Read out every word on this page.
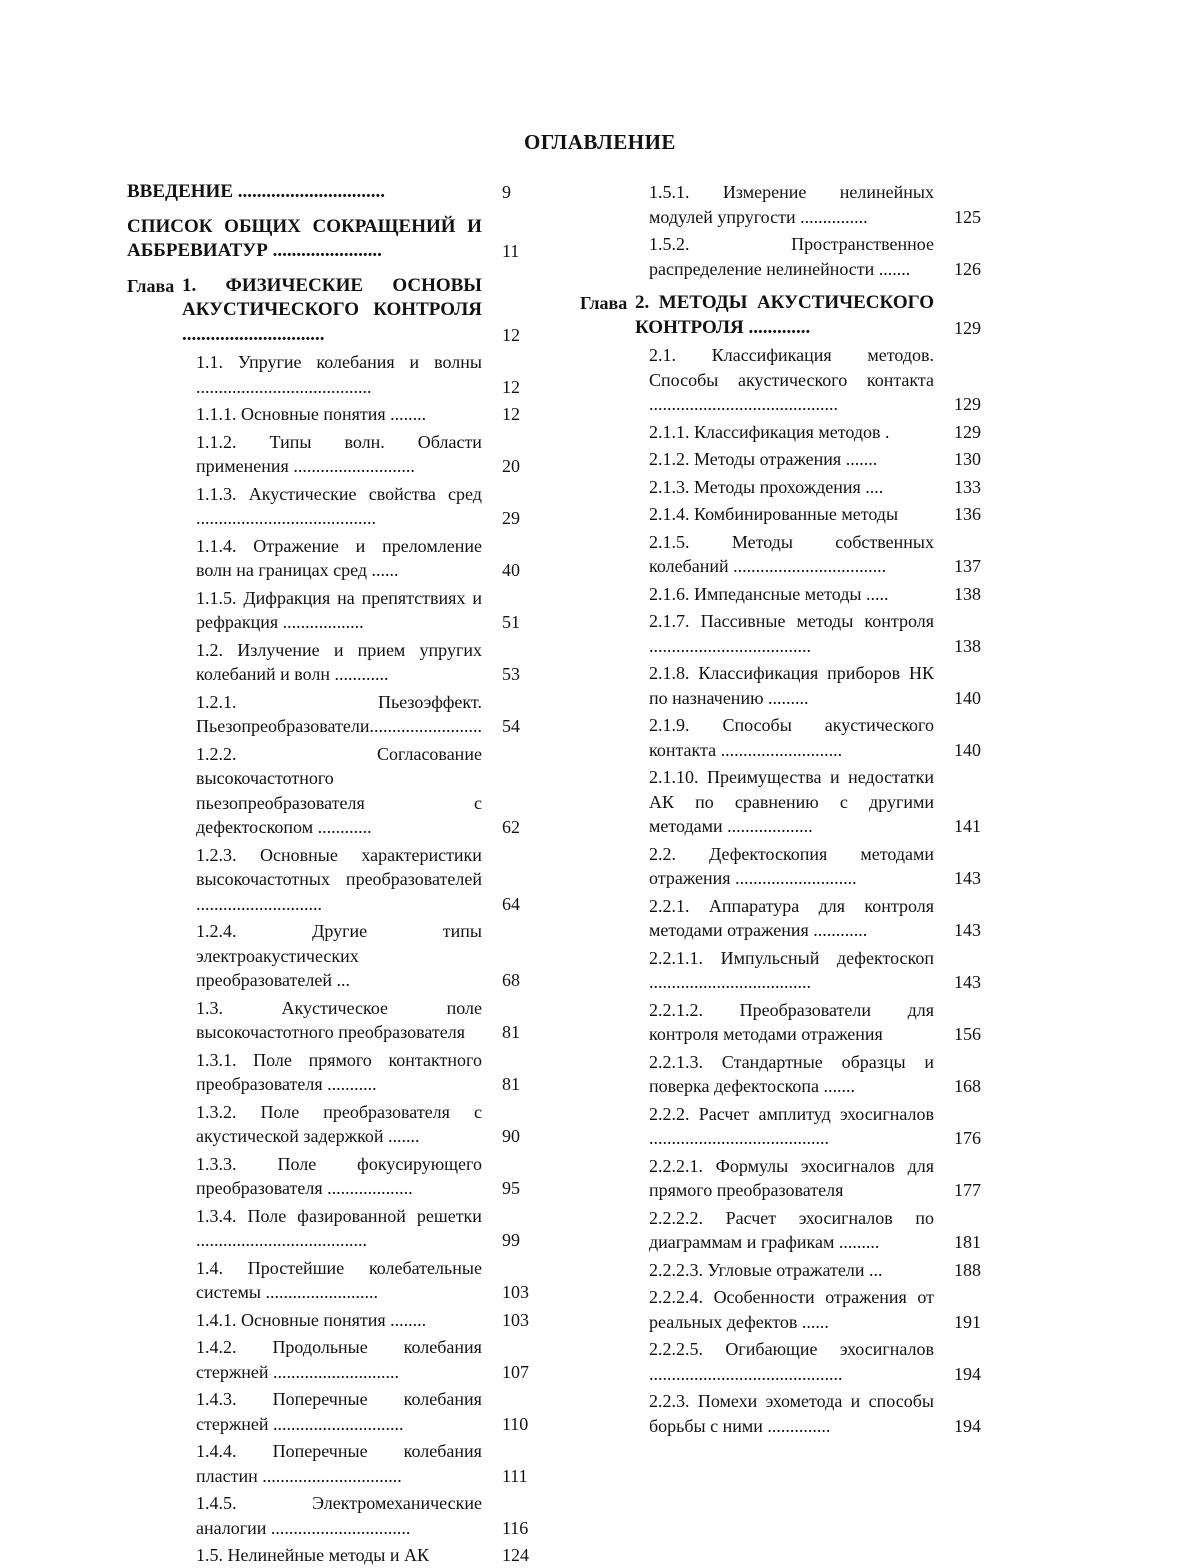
ОГЛАВЛЕНИЕ
ВВЕДЕНИЕ ...............................	9
СПИСОК ОБЩИХ СОКРАЩЕНИЙ И АББРЕВИАТУР .......................	11
Глава 1. ФИЗИЧЕСКИЕ ОСНОВЫ АКУСТИЧЕСКОГО КОНТРОЛЯ ..............................	12
1.1. Упругие колебания и волны .......................................	12
1.1.1. Основные понятия ........	12
1.1.2. Типы волн. Области применения ...........................	20
1.1.3. Акустические свойства сред ........................................	29
1.1.4. Отражение и преломление волн на границах сред ......	40
1.1.5. Дифракция на препятствиях и рефракция ..................	51
1.2. Излучение и прием упругих колебаний и волн ............	53
1.2.1. Пьезоэффект. Пьезопреобразователи.........................	54
1.2.2. Согласование высокочастотного пьезопреобразователя с дефектоскопом ............	62
1.2.3. Основные характеристики высокочастотных преобразователей ............................	64
1.2.4. Другие типы электроакустических преобразователей ...	68
1.3. Акустическое поле высокочастотного преобразователя	81
1.3.1. Поле прямого контактного преобразователя ...........	81
1.3.2. Поле преобразователя с акустической задержкой .......	90
1.3.3. Поле фокусирующего преобразователя ...................	95
1.3.4. Поле фазированной решетки ......................................	99
1.4. Простейшие колебательные системы .........................	103
1.4.1. Основные понятия ........	103
1.4.2. Продольные колебания стержней ............................	107
1.4.3. Поперечные колебания стержней .............................	110
1.4.4. Поперечные колебания пластин ...............................	111
1.4.5. Электромеханические аналогии ...............................	116
1.5. Нелинейные методы и АК	124
1.5.1. Измерение нелинейных модулей упругости ...............	125
1.5.2. Пространственное распределение нелинейности .......	126
Глава 2. МЕТОДЫ АКУСТИЧЕСКОГО КОНТРОЛЯ .............	129
2.1. Классификация методов. Способы акустического контакта ..........................................	129
2.1.1. Классификация методов .	129
2.1.2. Методы отражения .......	130
2.1.3. Методы прохождения ....	133
2.1.4. Комбинированные методы	136
2.1.5. Методы собственных колебаний ..................................	137
2.1.6. Импедансные методы .....	138
2.1.7. Пассивные методы контроля ....................................	138
2.1.8. Классификация приборов НК по назначению .........	140
2.1.9. Способы акустического контакта ...........................	140
2.1.10. Преимущества и недостатки АК по сравнению с другими методами ...................	141
2.2. Дефектоскопия методами отражения ...........................	143
2.2.1. Аппаратура для контроля методами отражения ............	143
2.2.1.1. Импульсный дефектоскоп ....................................	143
2.2.1.2. Преобразователи для контроля методами отражения	156
2.2.1.3. Стандартные образцы и поверка дефектоскопа .......	168
2.2.2. Расчет амплитуд эхосигналов ........................................	176
2.2.2.1. Формулы эхосигналов для прямого преобразователя	177
2.2.2.2. Расчет эхосигналов по диаграммам и графикам .........	181
2.2.2.3. Угловые отражатели ...	188
2.2.2.4. Особенности отражения от реальных дефектов ......	191
2.2.2.5. Огибающие эхосигналов ...........................................	194
2.2.3. Помехи эхометода и способы борьбы с ними ..............	194
